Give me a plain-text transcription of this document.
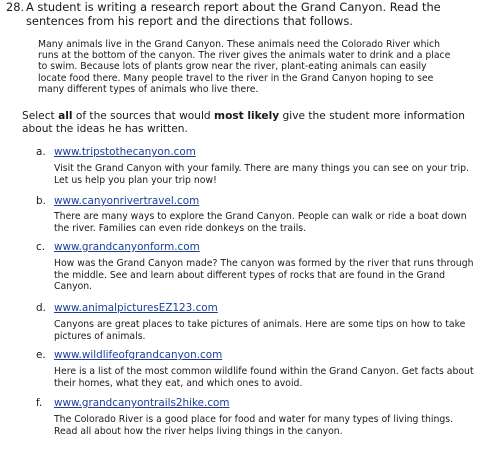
28. A student is writing a research report about the Grand Canyon. Read the sentences from his report and the directions that follows.
Many animals live in the Grand Canyon. These animals need the Colorado River which runs at the bottom of the canyon. The river gives the animals water to drink and a place to swim. Because lots of plants grow near the river, plant-eating animals can easily locate food there. Many people travel to the river in the Grand Canyon hoping to see many different types of animals who live there.
Select all of the sources that would most likely give the student more information about the ideas he has written.
a. www.tripstothecanyon.com
Visit the Grand Canyon with your family. There are many things you can see on your trip. Let us help you plan your trip now!
b. www.canyonrivertravel.com
There are many ways to explore the Grand Canyon. People can walk or ride a boat down the river. Families can even ride donkeys on the trails.
c. www.grandcanyonform.com
How was the Grand Canyon made? The canyon was formed by the river that runs through the middle. See and learn about different types of rocks that are found in the Grand Canyon.
d. www.animalpicturesEZ123.com
Canyons are great places to take pictures of animals. Here are some tips on how to take pictures of animals.
e. www.wildlifeofgrandcanyon.com
Here is a list of the most common wildlife found within the Grand Canyon. Get facts about their homes, what they eat, and which ones to avoid.
f. www.grandcanyontrails2hike.com
The Colorado River is a good place for food and water for many types of living things. Read all about how the river helps living things in the canyon.
